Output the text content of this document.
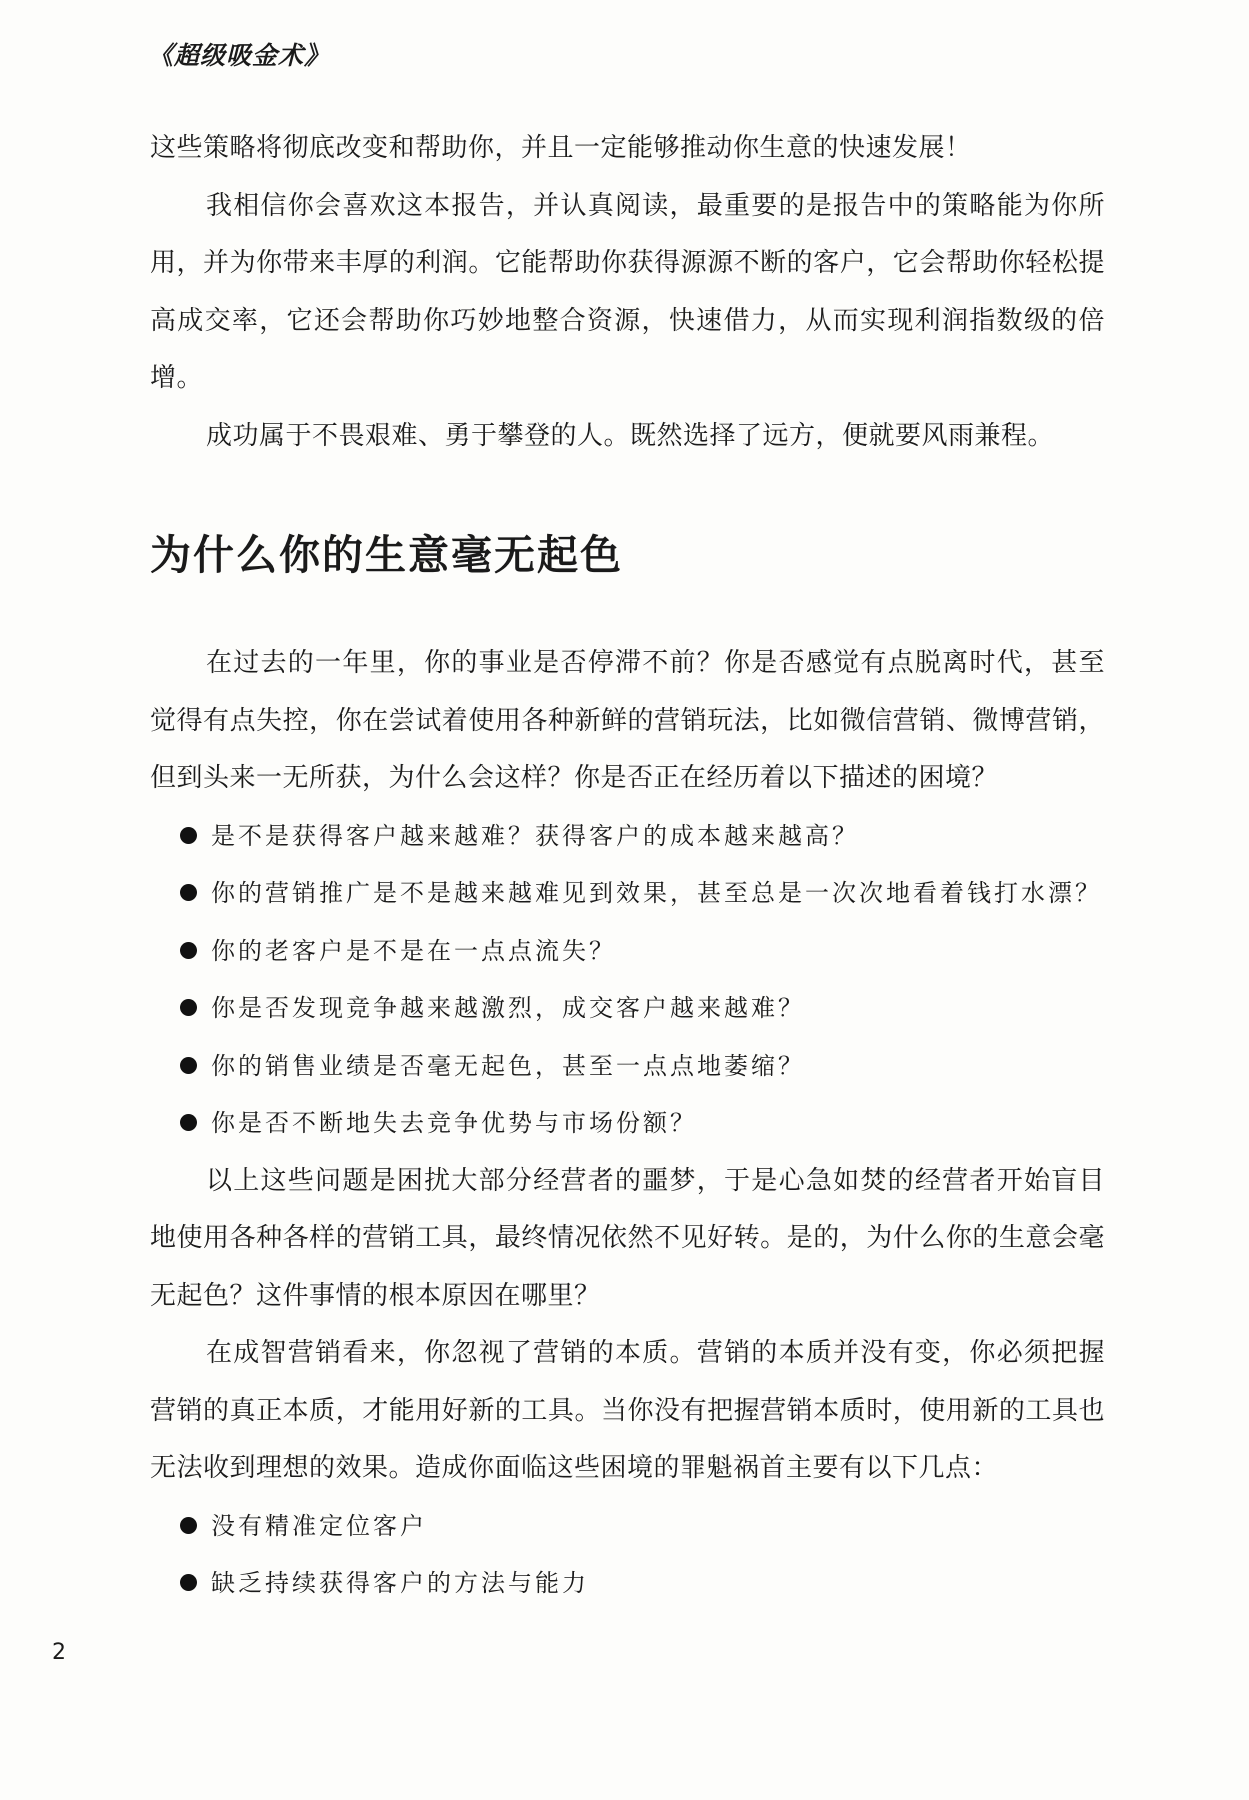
《超级吸金术》

这些策略将彻底改变和帮助你，并且一定能够推动你生意的快速发展！

我相信你会喜欢这本报告，并认真阅读，最重要的是报告中的策略能为你所用，并为你带来丰厚的利润。它能帮助你获得源源不断的客户，它会帮助你轻松提高成交率，它还会帮助你巧妙地整合资源，快速借力，从而实现利润指数级的倍增。

成功属于不畏艰难、勇于攀登的人。既然选择了远方，便就要风雨兼程。

为什么你的生意毫无起色

在过去的一年里，你的事业是否停滞不前？你是否感觉有点脱离时代，甚至觉得有点失控，你在尝试着使用各种新鲜的营销玩法，比如微信营销、微博营销，但到头来一无所获，为什么会这样？你是否正在经历着以下描述的困境？

是不是获得客户越来越难？获得客户的成本越来越高？
你的营销推广是不是越来越难见到效果，甚至总是一次次地看着钱打水漂？
你的老客户是不是在一点点流失？
你是否发现竞争越来越激烈，成交客户越来越难？
你的销售业绩是否毫无起色，甚至一点点地萎缩？
你是否不断地失去竞争优势与市场份额？

以上这些问题是困扰大部分经营者的噩梦，于是心急如焚的经营者开始盲目地使用各种各样的营销工具，最终情况依然不见好转。是的，为什么你的生意会毫无起色？这件事情的根本原因在哪里？

在成智营销看来，你忽视了营销的本质。营销的本质并没有变，你必须把握营销的真正本质，才能用好新的工具。当你没有把握营销本质时，使用新的工具也无法收到理想的效果。造成你面临这些困境的罪魁祸首主要有以下几点：

没有精准定位客户
缺乏持续获得客户的方法与能力
2
